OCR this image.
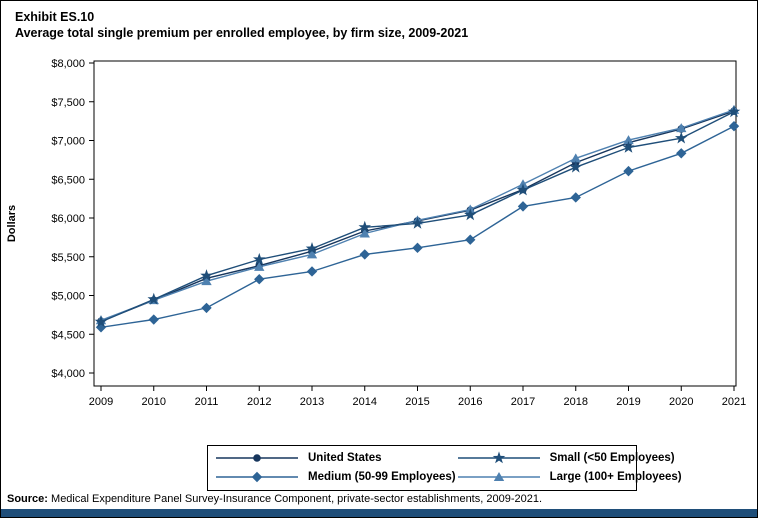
Exhibit ES.10
Average total single premium per enrolled employee, by firm size, 2009-2021
Dollars
$4,000
$4,500
$5,000
$5,500
$6,000
$6,500
$7,000
$7,500
$8,000
2009	2010	2011	2012	2013	2014	2015	2016	2017	2018	2019	2020	2021
United States	Small (<50 Employees)
Medium (50-99 Employees)	Large (100+ Employees)
Source: Medical Expenditure Panel Survey-Insurance Component, private-sector establishments, 2009-2021.
